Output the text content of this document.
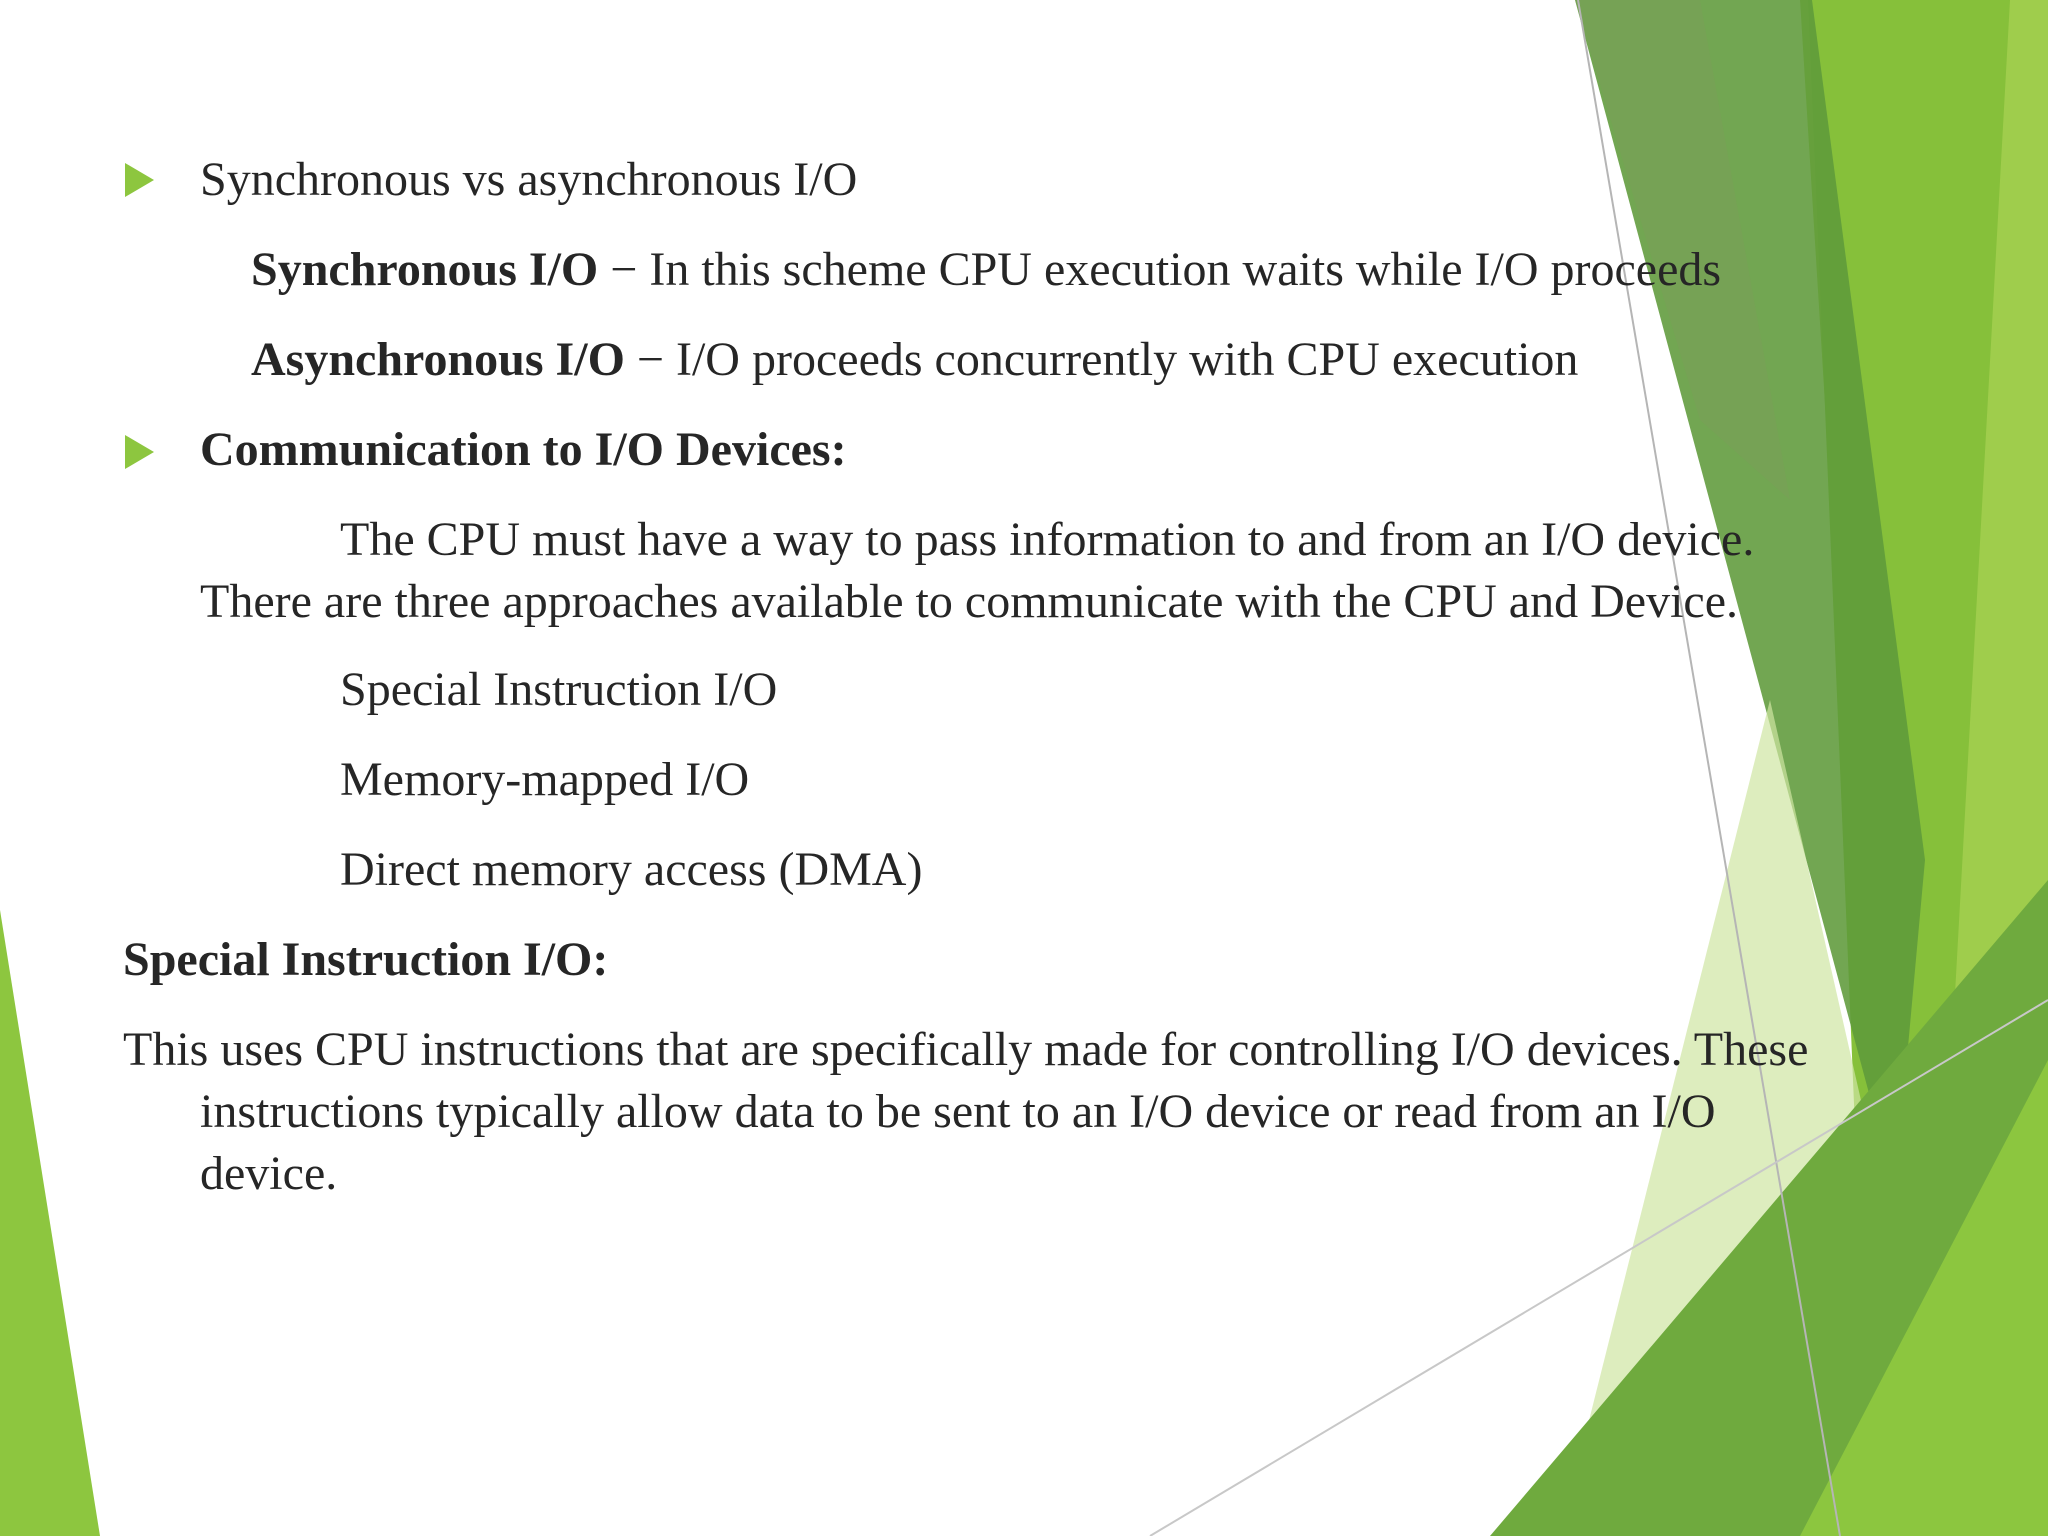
Synchronous vs asynchronous I/O
Synchronous I/O − In this scheme CPU execution waits while I/O proceeds
Asynchronous I/O − I/O proceeds concurrently with CPU execution
Communication to I/O Devices:
The CPU must have a way to pass information to and from an I/O device.
There are three approaches available to communicate with the CPU and Device.
Special Instruction I/O
Memory-mapped I/O
Direct memory access (DMA)
Special Instruction I/O:
This uses CPU instructions that are specifically made for controlling I/O devices. These
instructions typically allow data to be sent to an I/O device or read from an I/O
device.
